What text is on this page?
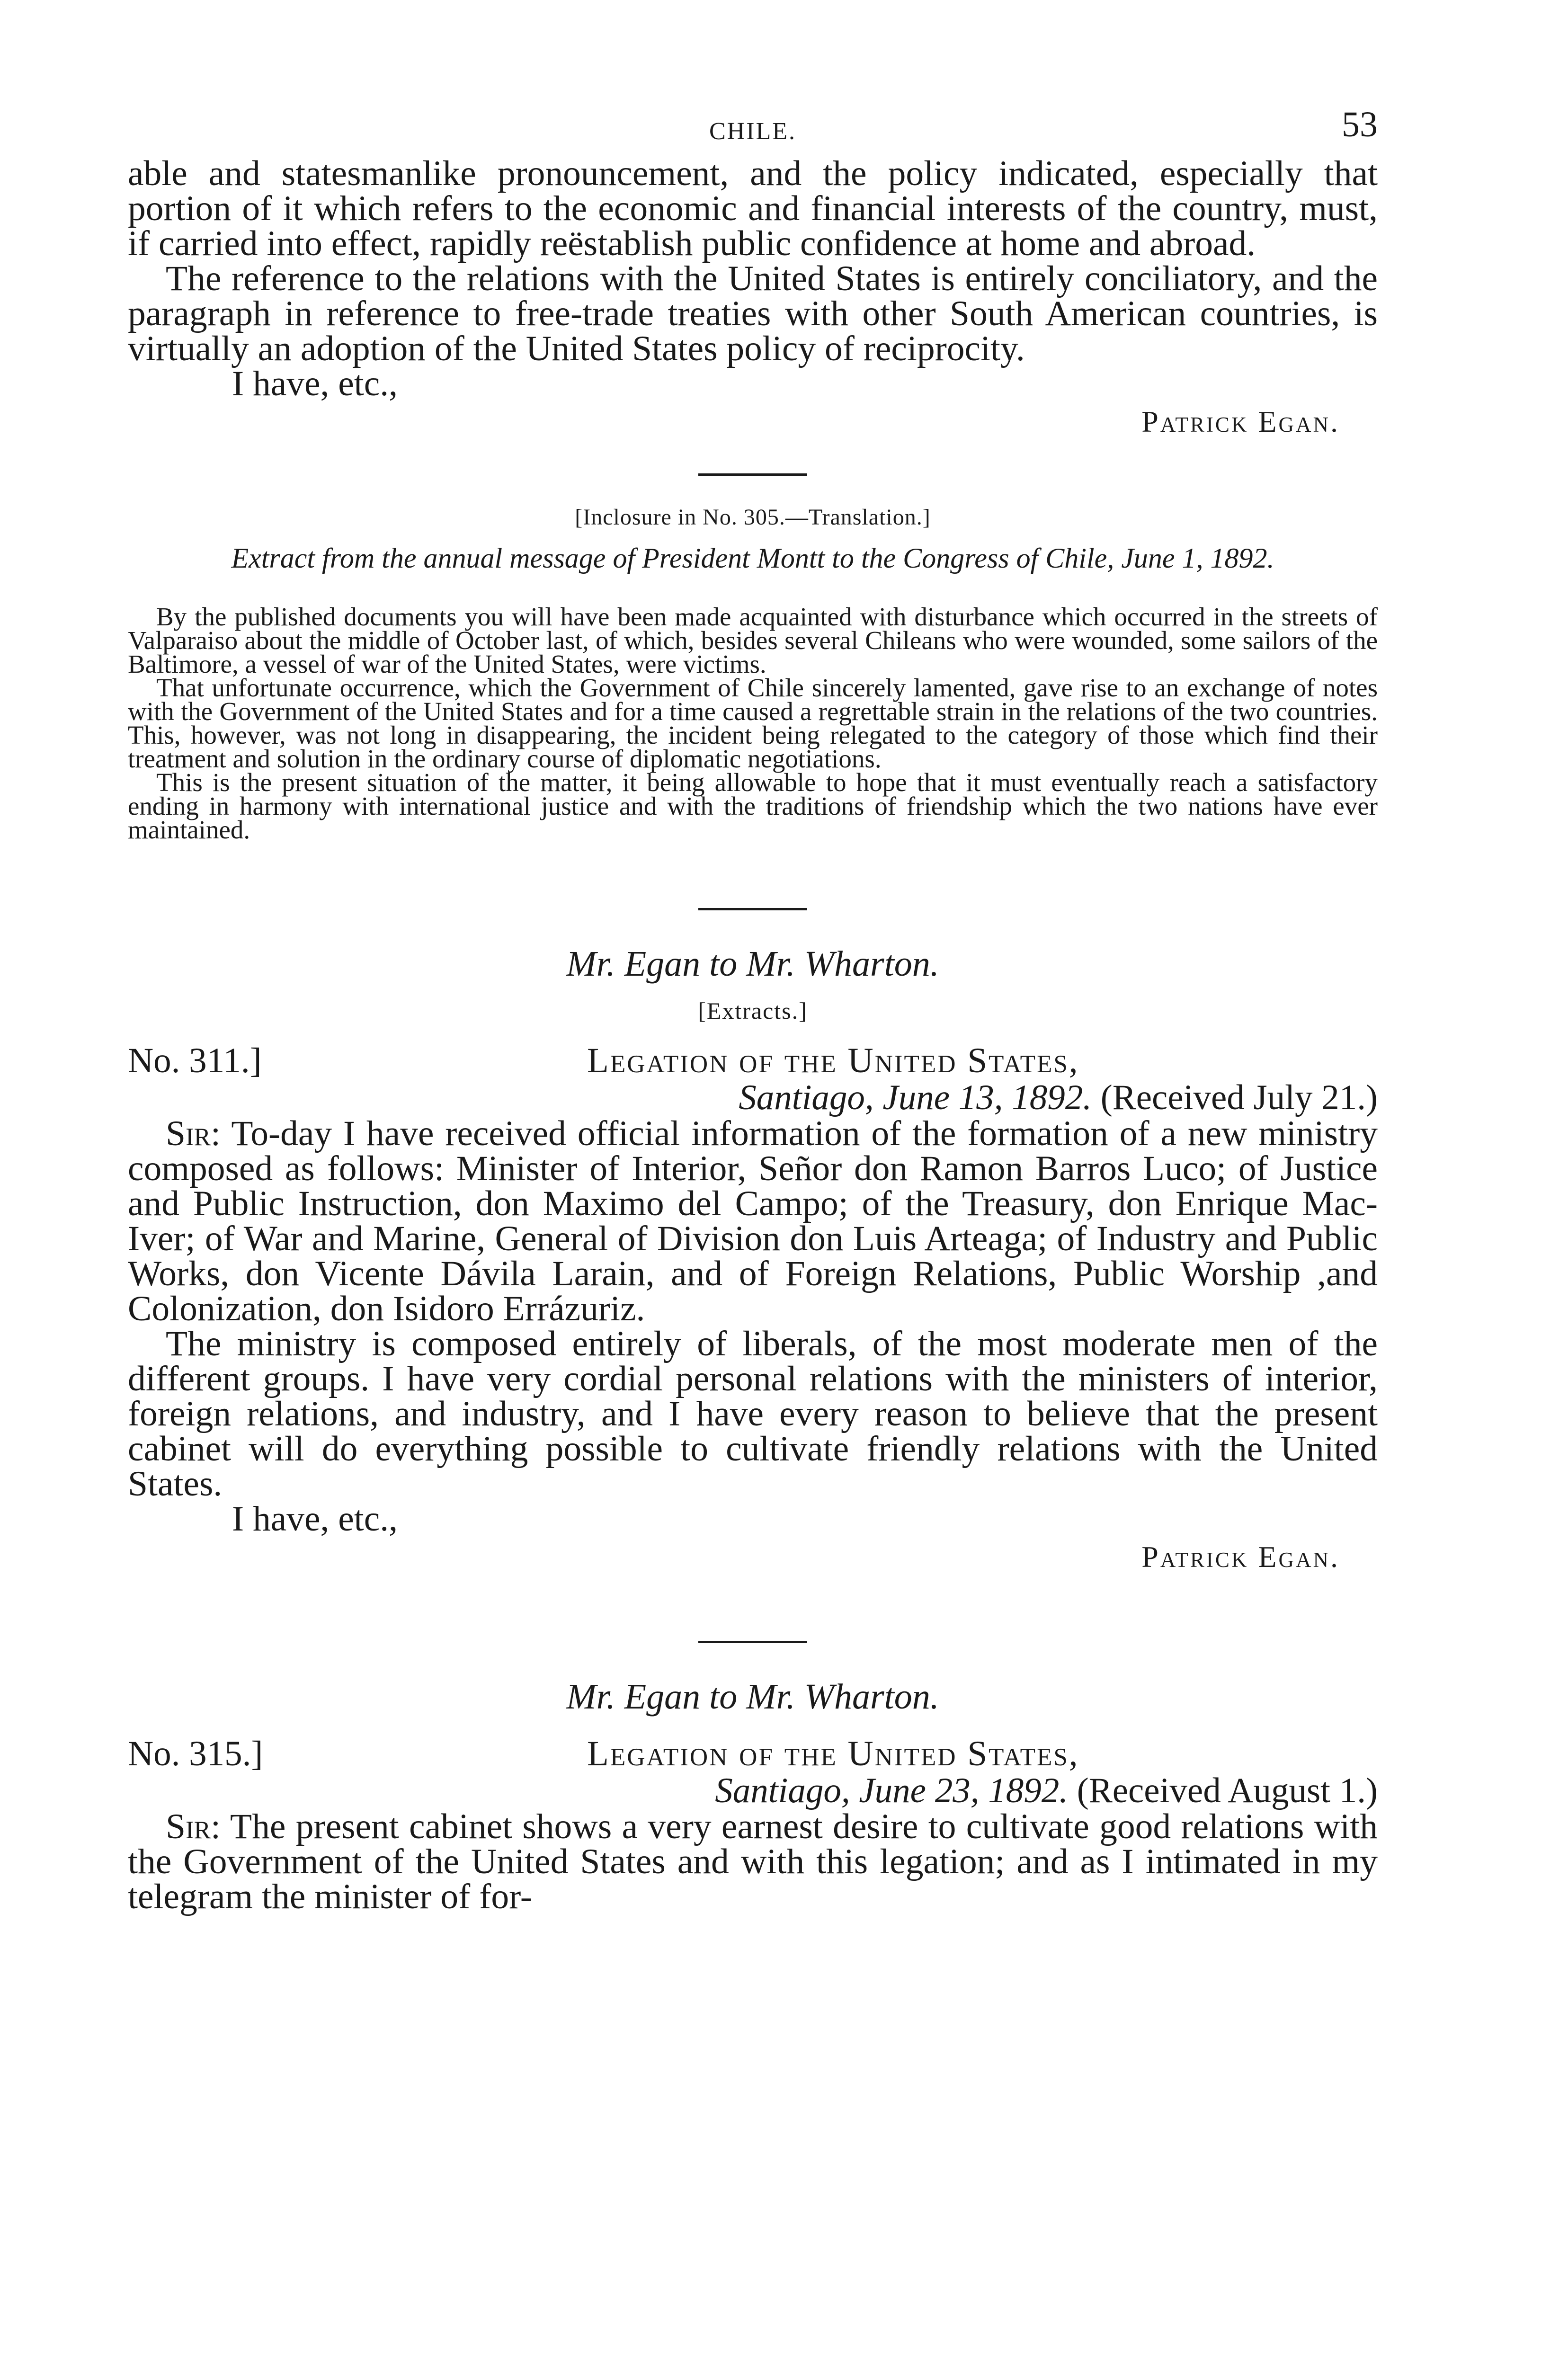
CHILE.	53

able and statesmanlike pronouncement, and the policy indicated, especially that portion of it which refers to the economic and financial interests of the country, must, if carried into effect, rapidly reëstablish public confidence at home and abroad.

The reference to the relations with the United States is entirely conciliatory, and the paragraph in reference to free-trade treaties with other South American countries, is virtually an adoption of the United States policy of reciprocity.

I have, etc.,

Patrick Egan.
[Inclosure in No. 305.—Translation.]
Extract from the annual message of President Montt to the Congress of Chile, June 1, 1892.

By the published documents you will have been made acquainted with disturbance which occurred in the streets of Valparaiso about the middle of October last, of which, besides several Chileans who were wounded, some sailors of the Baltimore, a vessel of war of the United States, were victims.

That unfortunate occurrence, which the Government of Chile sincerely lamented, gave rise to an exchange of notes with the Government of the United States and for a time caused a regrettable strain in the relations of the two countries. This, however, was not long in disappearing, the incident being relegated to the category of those which find their treatment and solution in the ordinary course of diplomatic negotiations.

This is the present situation of the matter, it being allowable to hope that it must eventually reach a satisfactory ending in harmony with international justice and with the traditions of friendship which the two nations have ever maintained.

Mr. Egan to Mr. Wharton.
[Extracts.]
No. 311.]	Legation of the United States,
Santiago, June 13, 1892. (Received July 21.)

Sir: To-day I have received official information of the formation of a new ministry composed as follows: Minister of Interior, Señor don Ramon Barros Luco; of Justice and Public Instruction, don Maximo del Campo; of the Treasury, don Enrique Mac-Iver; of War and Marine, General of Division don Luis Arteaga; of Industry and Public Works, don Vicente Dávila Larain, and of Foreign Relations, Public Worship ,and Colonization, don Isidoro Errázuriz.

The ministry is composed entirely of liberals, of the most moderate men of the different groups. I have very cordial personal relations with the ministers of interior, foreign relations, and industry, and I have every reason to believe that the present cabinet will do everything possible to cultivate friendly relations with the United States.

I have, etc.,

Patrick Egan.
Mr. Egan to Mr. Wharton.
No. 315.]	Legation of the United States,
Santiago, June 23, 1892. (Received August 1.)

Sir: The present cabinet shows a very earnest desire to cultivate good relations with the Government of the United States and with this legation; and as I intimated in my telegram the minister of for-
